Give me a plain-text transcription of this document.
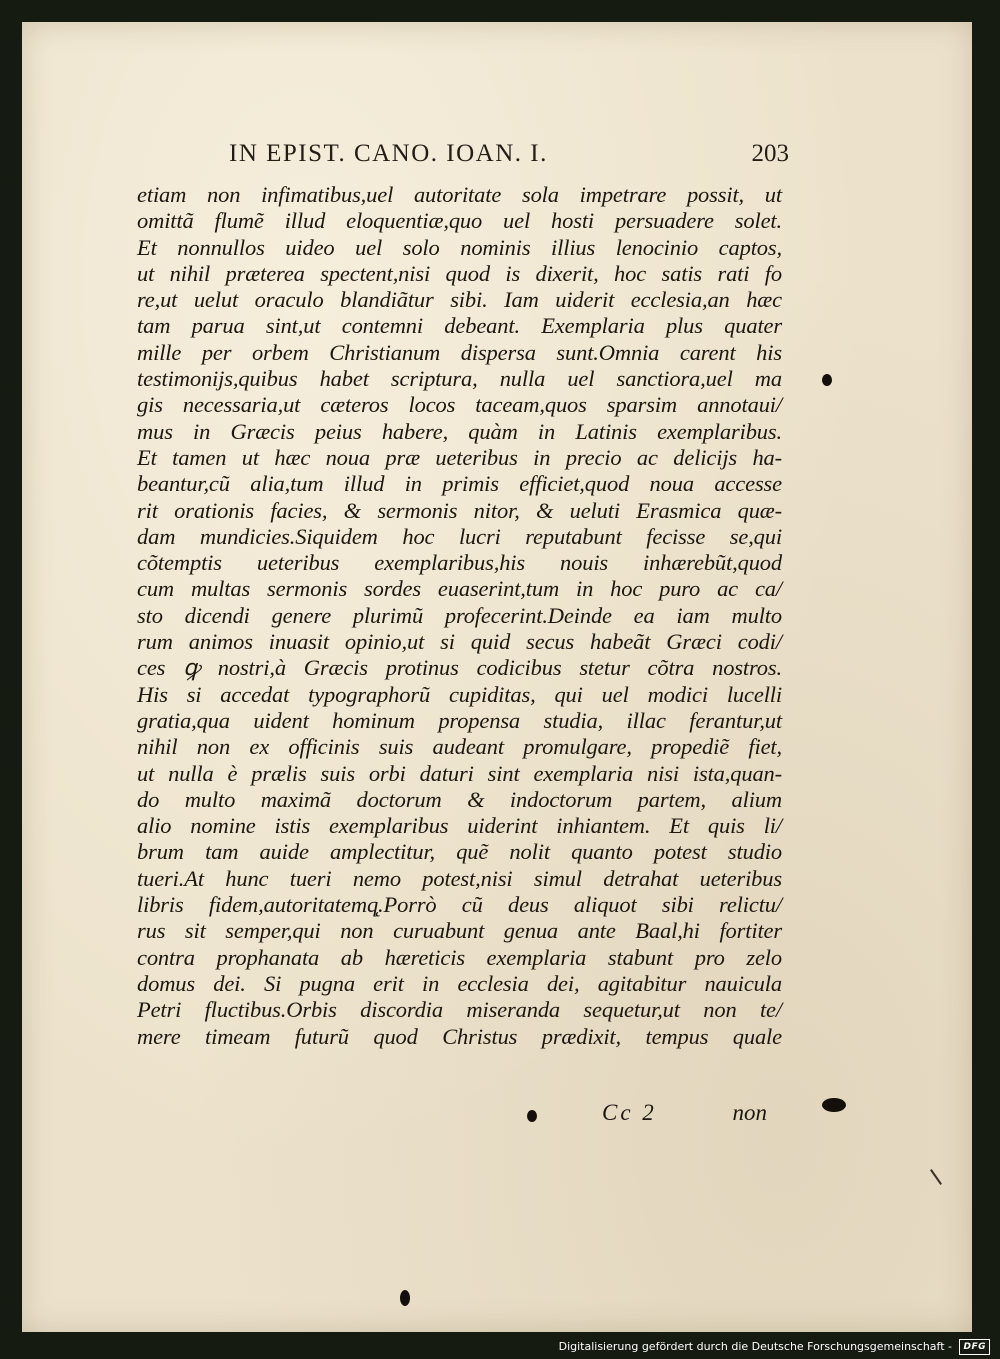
IN EPIST. CANO. IOAN. I.	203
etiam non infimatibus,uel autoritate sola impetrare possit, ut
omittã flumẽ illud eloquentiæ,quo uel hosti persuadere solet.
Et nonnullos uideo uel solo nominis illius lenocinio captos,
ut nihil præterea spectent,nisi quod is dixerit, hoc satis rati fo
re,ut uelut oraculo blandiãtur sibi. Iam uiderit ecclesia,an hæc
tam parua sint,ut contemni debeant. Exemplaria plus quater
mille per orbem Christianum dispersa sunt.Omnia carent his
testimonijs,quibus habet scriptura, nulla uel sanctiora,uel ma
gis necessaria,ut cæteros locos taceam,quos sparsim annotaui/
mus in Græcis peius habere, quàm in Latinis exemplaribus.
Et tamen ut hæc noua præ ueteribus in precio ac delicijs ha-
beantur,cũ alia,tum illud in primis efficiet,quod noua accesse
rit orationis facies, & sermonis nitor, & ueluti Erasmica quæ-
dam mundicies.Siquidem hoc lucri reputabunt fecisse se,qui
cõtemptis ueteribus exemplaribus,his nouis inhærebũt,quod
cum multas sermonis sordes euaserint,tum in hoc puro ac ca/
sto dicendi genere plurimũ profecerint.Deinde ea iam multo
rum animos inuasit opinio,ut si quid secus habeãt Græci codi/
ces ꝙ nostri,à Græcis protinus codicibus stetur cõtra nostros.
His si accedat typographorũ cupiditas, qui uel modici lucelli
gratia,qua uident hominum propensa studia, illac ferantur,ut
nihil non ex officinis suis audeant promulgare, propediẽ fiet,
ut nulla è prælis suis orbi daturi sint exemplaria nisi ista,quan-
do multo maximã doctorum & indoctorum partem, alium
alio nomine istis exemplaribus uiderint inhiantem. Et quis li/
brum tam auide amplectitur, quẽ nolit quanto potest studio
tueri.At hunc tueri nemo potest,nisi simul detrahat ueteribus
libris fidem,autoritatemq̨.Porrò cũ deus aliquot sibi relictu/
rus sit semper,qui non curuabunt genua ante Baal,hi fortiter
contra prophanata ab hæreticis exemplaria stabunt pro zelo
domus dei. Si pugna erit in ecclesia dei, agitabitur nauicula
Petri fluctibus.Orbis discordia miseranda sequetur,ut non te/
mere timeam futurũ quod Christus prædixit, tempus quale
Cc 2	non
Digitalisierung gefördert durch die Deutsche Forschungsgemeinschaft - DFG
